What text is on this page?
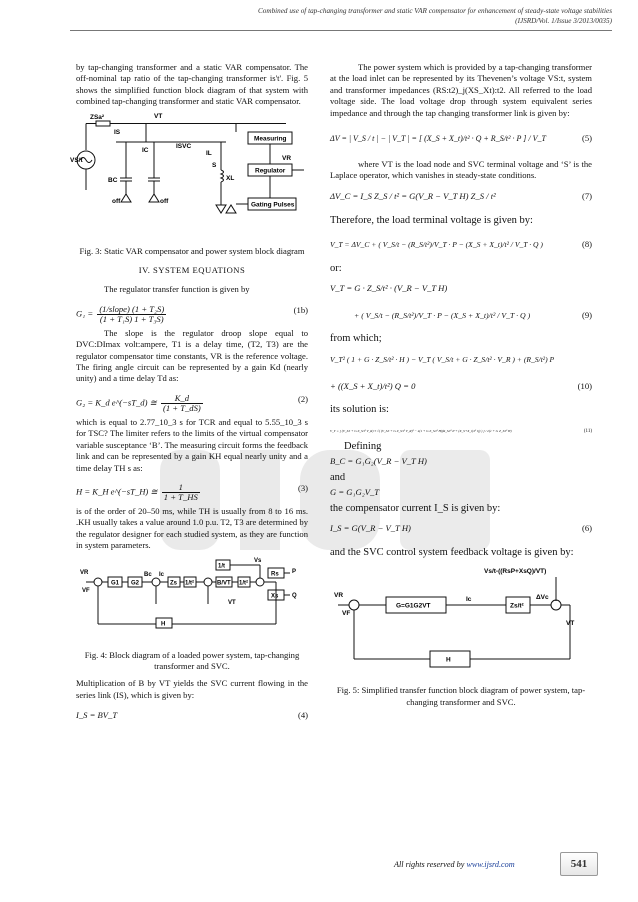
Combined use of tap-changing transformer and static VAR compensator for enhancement of steady-state voltage stabilities
(IJSRD/Vol. 1/Issue 3/2013/0035)

by tap-changing transformer and a static VAR compensator. The off-nominal tap ratio of the tap-changing transformer is't'. Fig. 5 shows the simplified function block diagram of that system with combined tap-changing transformer and static VAR compensator.

ZSa²	VT
IS
VS/t
IC
ISVC
IL
BC
off	off
S
XL
Measuring
Regulator
Gating Pulses
VR

Fig. 3: Static VAR compensator and power system block diagram

IV. SYSTEM EQUATIONS

The regulator transfer function is given by

$G_1 = \frac{\text{(1/slope) (1 + T₂S)}}{\text{(1 + T₁S) 1 + T₃S)}}$	(1b)

The slope is the regulator droop slope equal to DVC:DImax volt:ampere, T1 is a delay time, (T2, T3) are the regulator compensator time constants, VR is the reference voltage. The firing angle circuit can be represented by a gain Kd (nearly unity) and a time delay Td as:

G₂ = K_d e^(−sT_d) ≅ $\frac{K\_d}{(1 + T\_dS)}$	(2)

which is equal to 2.77_10_3 s for TCR and equal to 5.55_10_3 s for TSC? The limiter refers to the limits of the virtual compensator variable susceptance ‘B’. The measuring circuit forms the feedback link and can be represented by a gain KH equal nearly unity and a time delay TH s as:

H = K_H e^(−sT_H) ≅ $\frac{1}{1 + T\_HS}$	(3)

is of the order of 20–50 ms, while TH is usually from 8 to 16 ms. .KH usually takes a value around 1.0 p.u. T2, T3 are determined by the regulator designer for each studied system, as they are function in system parameters.

VR
VF
G1 G2
Bc Ic
Zs 1/t²	B/VT 1/t²
1/t
Vs
Rs P
Xs Q
VT
H

Fig. 4: Block diagram of a loaded power system, tap-changing transformer and SVC.

Multiplication of B by VT yields the SVC current flowing in the series link (IS), which is given by:

I_S = BV_T	(4)

The power system which is provided by a tap-changing transformer at the load inlet can be represented by its Thevenen’s voltage VS:t, system and transformer impedances (RS:t2)_j(XS_Xt):t2. All referred to the load voltage side. The load voltage drop through system equivalent series impedance and through the tap changing transformer link is given by:

ΔV = | V_S / t | − | V_T | = [ (X_S + X_t)/t² · Q + R_S/t² · P ] / V_T	(5)

where VT is the load node and SVC terminal voltage and ‘S’ is the Laplace operator, which vanishes in steady-state conditions.

ΔV_C = I_S Z_S / t² = G(V_R − V_T H) Z_S / t²	(7)

Therefore, the load terminal voltage is given by:

V_T = ΔV_C + ( V_S/t − (R_S/t²)/V_T · P − (X_S + X_t)/t² / V_T · Q )	(8)

or:

V_T = G · Z_S/t² · (V_R − V_T H)
+ ( V_S/t − (R_S/t²)/V_T · P − (X_S + X_t)/t² / V_T · Q )	(9)

from which;

V_T² ( 1 + G · Z_S/t² · H ) − V_T ( V_S/t + G · Z_S/t² · V_R ) + (R_S/t²) P
+ ((X_S + X_t)/t²) Q = 0	(10)

its solution is:

V_T = [ (V_S/t + G Z_S/t² V_R) ± √( (V_S/t + G Z_S/t² V_R)² − 4(1 + G Z_S/t² H)(R_S/t² P + (X_S+X_t)/t² Q) ) ] / 2(1 + G Z_S/t² H)	(11)

Defining

B_C = G₁G₂(V_R − V_T H)

and

G = G₁G₂V_T

the compensator current I_S is given by:

I_S = G(V_R − V_T H)	(6)

and the SVC control system feedback voltage is given by:

Vs/t-((RsP+XsQ)/VT)
VR
VF
G=G1G2VT
Ic
Zs/t²
ΔVc
VT
H

Fig. 5: Simplified transfer function block diagram of power system, tap-changing transformer and SVC.

All rights reserved by www.ijsrd.com	541
